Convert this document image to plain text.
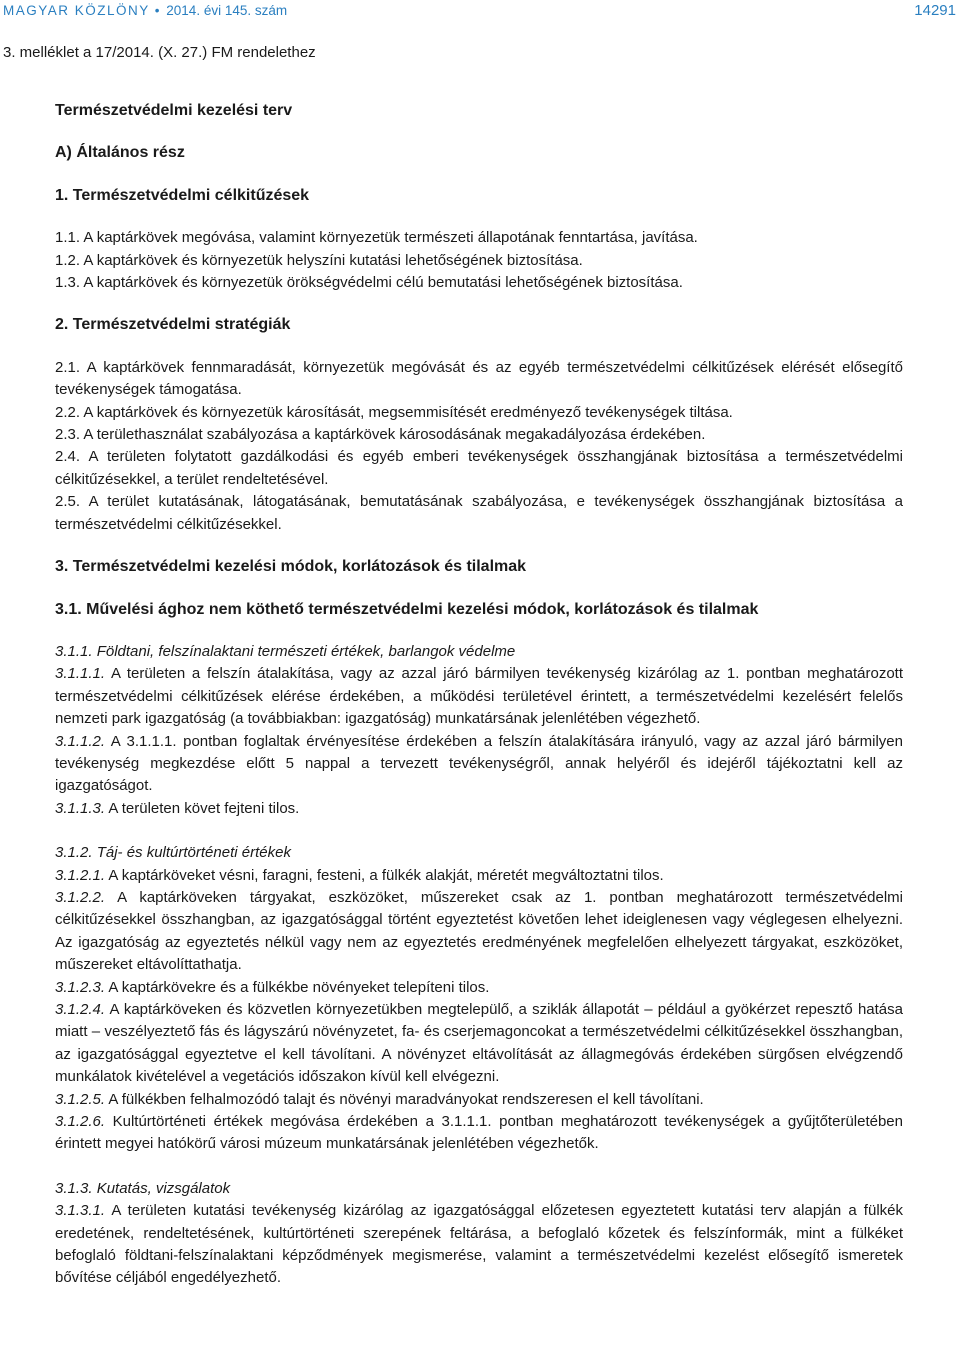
MAGYAR KÖZLÖNY • 2014. évi 145. szám	14291
3. melléklet a 17/2014. (X. 27.) FM rendelethez

Természetvédelmi kezelési terv

A) Általános rész

1. Természetvédelmi célkitűzések

1.1. A kaptárkövek megóvása, valamint környezetük természeti állapotának fenntartása, javítása.

1.2. A kaptárkövek és környezetük helyszíni kutatási lehetőségének biztosítása.

1.3. A kaptárkövek és környezetük örökségvédelmi célú bemutatási lehetőségének biztosítása.

2. Természetvédelmi stratégiák

2.1. A kaptárkövek fennmaradását, környezetük megóvását és az egyéb természetvédelmi célkitűzések elérését elősegítő tevékenységek támogatása.

2.2. A kaptárkövek és környezetük károsítását, megsemmisítését eredményező tevékenységek tiltása.

2.3. A területhasználat szabályozása a kaptárkövek károsodásának megakadályozása érdekében.

2.4. A területen folytatott gazdálkodási és egyéb emberi tevékenységek összhangjának biztosítása a természetvédelmi célkitűzésekkel, a terület rendeltetésével.

2.5. A terület kutatásának, látogatásának, bemutatásának szabályozása, e tevékenységek összhangjának biztosítása a természetvédelmi célkitűzésekkel.

3. Természetvédelmi kezelési módok, korlátozások és tilalmak

3.1. Művelési ághoz nem köthető természetvédelmi kezelési módok, korlátozások és tilalmak

3.1.1. Földtani, felszínalaktani természeti értékek, barlangok védelme

3.1.1.1. A területen a felszín átalakítása, vagy az azzal járó bármilyen tevékenység kizárólag az 1. pontban meghatározott természetvédelmi célkitűzések elérése érdekében, a működési területével érintett, a természetvédelmi kezelésért felelős nemzeti park igazgatóság (a továbbiakban: igazgatóság) munkatársának jelenlétében végezhető.

3.1.1.2. A 3.1.1.1. pontban foglaltak érvényesítése érdekében a felszín átalakítására irányuló, vagy az azzal járó bármilyen tevékenység megkezdése előtt 5 nappal a tervezett tevékenységről, annak helyéről és idejéről tájékoztatni kell az igazgatóságot.

3.1.1.3. A területen követ fejteni tilos.

3.1.2. Táj- és kultúrtörténeti értékek

3.1.2.1. A kaptárköveket vésni, faragni, festeni, a fülkék alakját, méretét megváltoztatni tilos.

3.1.2.2. A kaptárköveken tárgyakat, eszközöket, műszereket csak az 1. pontban meghatározott természetvédelmi célkitűzésekkel összhangban, az igazgatósággal történt egyeztetést követően lehet ideiglenesen vagy véglegesen elhelyezni. Az igazgatóság az egyeztetés nélkül vagy nem az egyeztetés eredményének megfelelően elhelyezett tárgyakat, eszközöket, műszereket eltávolíttathatja.

3.1.2.3. A kaptárkövekre és a fülkékbe növényeket telepíteni tilos.

3.1.2.4. A kaptárköveken és közvetlen környezetükben megtelepülő, a sziklák állapotát – például a gyökérzet repesztő hatása miatt – veszélyeztető fás és lágyszárú növényzetet, fa- és cserjemagoncokat a természetvédelmi célkitűzésekkel összhangban, az igazgatósággal egyeztetve el kell távolítani. A növényzet eltávolítását az állagmegóvás érdekében sürgősen elvégzendő munkálatok kivételével a vegetációs időszakon kívül kell elvégezni.

3.1.2.5. A fülkékben felhalmozódó talajt és növényi maradványokat rendszeresen el kell távolítani.

3.1.2.6. Kultúrtörténeti értékek megóvása érdekében a 3.1.1.1. pontban meghatározott tevékenységek a gyűjtőterületében érintett megyei hatókörű városi múzeum munkatársának jelenlétében végezhetők.

3.1.3. Kutatás, vizsgálatok

3.1.3.1. A területen kutatási tevékenység kizárólag az igazgatósággal előzetesen egyeztetett kutatási terv alapján a fülkék eredetének, rendeltetésének, kultúrtörténeti szerepének feltárása, a befoglaló kőzetek és felszínformák, mint a fülkéket befoglaló földtani-felszínalaktani képződmények megismerése, valamint a természetvédelmi kezelést elősegítő ismeretek bővítése céljából engedélyezhető.
